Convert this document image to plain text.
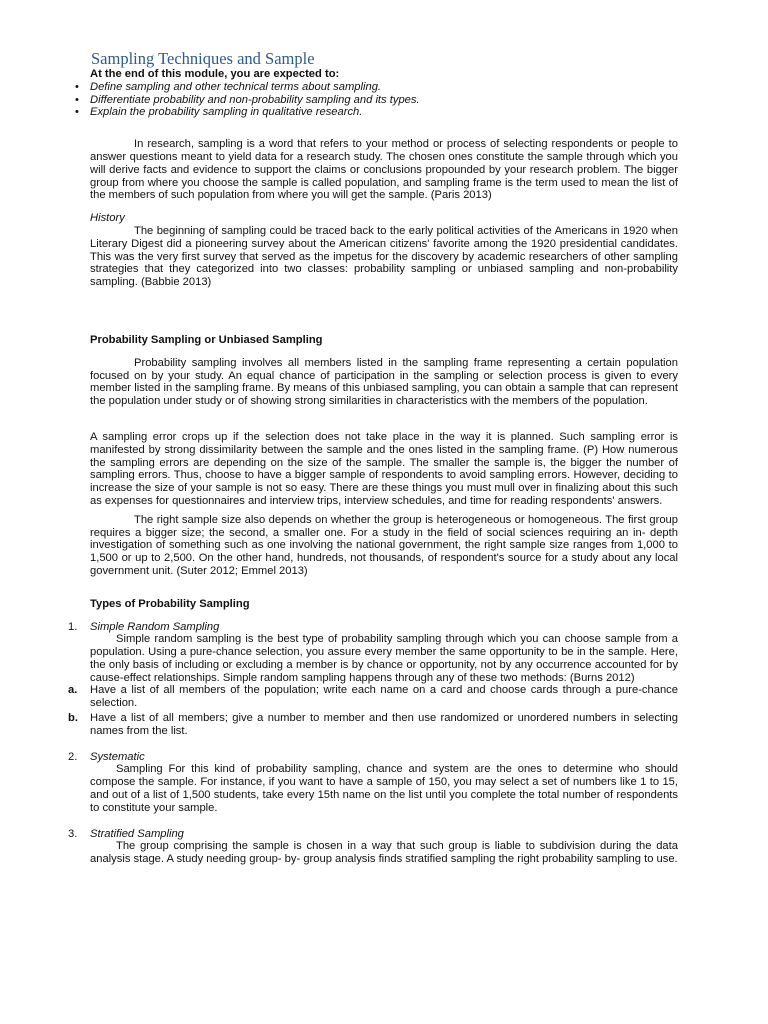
Sampling Techniques and Sample

At the end of this module, you are expected to:

• Define sampling and other technical terms about sampling.
• Differentiate probability and non-probability sampling and its types.
• Explain the probability sampling in qualitative research.

In research, sampling is a word that refers to your method or process of selecting respondents or people to answer questions meant to yield data for a research study. The chosen ones constitute the sample through which you will derive facts and evidence to support the claims or conclusions propounded by your research problem. The bigger group from where you choose the sample is called population, and sampling frame is the term used to mean the list of the members of such population from where you will get the sample. (Paris 2013)

History

The beginning of sampling could be traced back to the early political activities of the Americans in 1920 when Literary Digest did a pioneering survey about the American citizens' favorite among the 1920 presidential candidates. This was the very first survey that served as the impetus for the discovery by academic researchers of other sampling strategies that they categorized into two classes: probability sampling or unbiased sampling and non-probability sampling. (Babbie 2013)

Probability Sampling or Unbiased Sampling

Probability sampling involves all members listed in the sampling frame representing a certain population focused on by your study. An equal chance of participation in the sampling or selection process is given to every member listed in the sampling frame. By means of this unbiased sampling, you can obtain a sample that can represent the population under study or of showing strong similarities in characteristics with the members of the population.

A sampling error crops up if the selection does not take place in the way it is planned. Such sampling error is manifested by strong dissimilarity between the sample and the ones listed in the sampling frame. (P) How numerous the sampling errors are depending on the size of the sample. The smaller the sample is, the bigger the number of sampling errors. Thus, choose to have a bigger sample of respondents to avoid sampling errors. However, deciding to increase the size of your sample is not so easy. There are these things you must mull over in finalizing about this such as expenses for questionnaires and interview trips, interview schedules, and time for reading respondents' answers.

The right sample size also depends on whether the group is heterogeneous or homogeneous. The first group requires a bigger size; the second, a smaller one. For a study in the field of social sciences requiring an in- depth investigation of something such as one involving the national government, the right sample size ranges from 1,000 to 1,500 or up to 2,500. On the other hand, hundreds, not thousands, of respondent's source for a study about any local government unit. (Suter 2012; Emmel 2013)

Types of Probability Sampling

1. Simple Random Sampling

Simple random sampling is the best type of probability sampling through which you can choose sample from a population. Using a pure-chance selection, you assure every member the same opportunity to be in the sample. Here, the only basis of including or excluding a member is by chance or opportunity, not by any occurrence accounted for by cause-effect relationships. Simple random sampling happens through any of these two methods: (Burns 2012)

a. Have a list of all members of the population; write each name on a card and choose cards through a pure-chance selection.

b. Have a list of all members; give a number to member and then use randomized or unordered numbers in selecting names from the list.

2. Systematic

Sampling For this kind of probability sampling, chance and system are the ones to determine who should compose the sample. For instance, if you want to have a sample of 150, you may select a set of numbers like 1 to 15, and out of a list of 1,500 students, take every 15th name on the list until you complete the total number of respondents to constitute your sample.

3. Stratified Sampling

The group comprising the sample is chosen in a way that such group is liable to subdivision during the data analysis stage. A study needing group- by- group analysis finds stratified sampling the right probability sampling to use.
